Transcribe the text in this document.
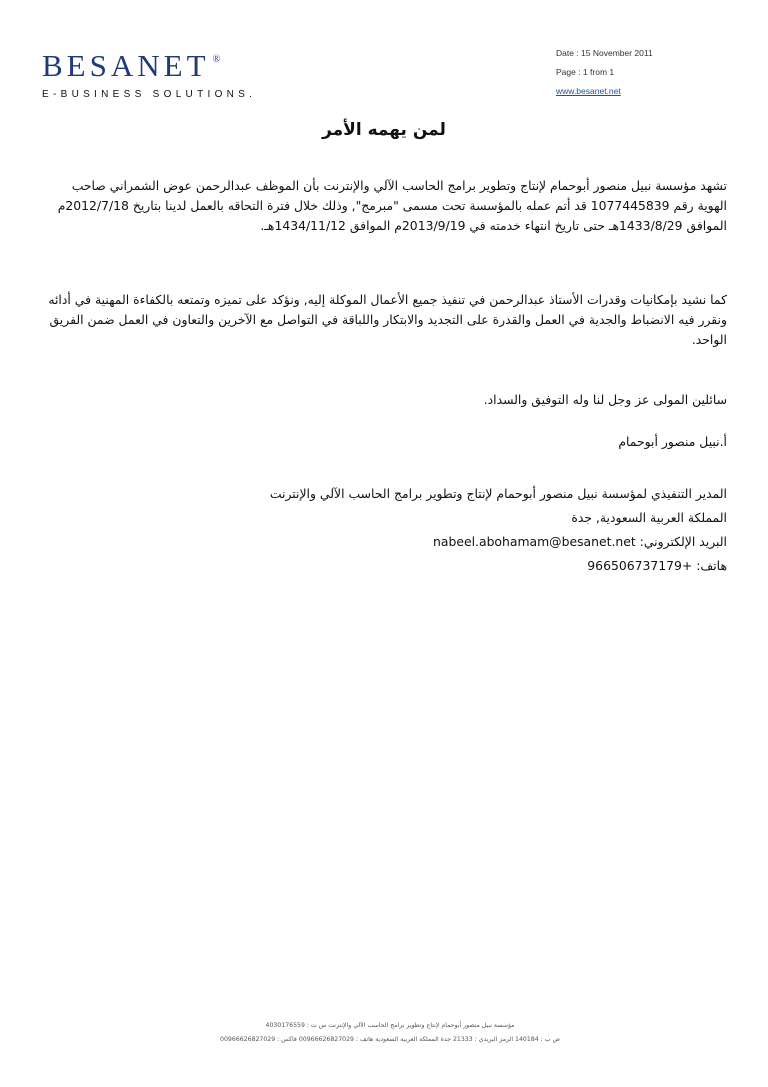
BESANET ®
E-BUSINESS SOLUTIONS.
Date : 15 November 2011
Page : 1 from 1
www.besanet.net
لمن يهمه الأمر
تشهد مؤسسة نبيل منصور أبوحمام لإنتاج وتطوير برامج الحاسب الآلي والإنترنت بأن الموظف عبدالرحمن عوض الشمراني صاحب الهوية رقم 1077445839 قد أتم عمله بالمؤسسة تحت مسمى "مبرمج", وذلك خلال فترة التحاقه بالعمل لدينا بتاريخ 2012/7/18م الموافق 1433/8/29هـ حتى تاريخ انتهاء خدمته في 2013/9/19م الموافق 1434/11/12هـ.
كما نشيد بإمكانيات وقدرات الأستاذ عبدالرحمن في تنفيذ جميع الأعمال الموكلة إليه, ونؤكد على تميزه وتمتعه بالكفاءة المهنية في أدائه ونقرر فيه الانضباط والجدية في العمل والقدرة على التجديد والابتكار واللباقة في التواصل مع الآخرين والتعاون في العمل ضمن الفريق الواحد.
سائلين المولى عز وجل لنا وله التوفيق والسداد.
أ.نبيل منصور أبوحمام
المدير التنفيذي لمؤسسة نبيل منصور أبوحمام لإنتاج وتطوير برامج الحاسب الآلي والإنترنت
المملكة العربية السعودية, جدة
البريد الإلكتروني: nabeel.abohamam@besanet.net
هاتف: +966506737179
مؤسسة نبيل منصور أبوحمام لإنتاج وتطوير برامج الحاسب الآلي والإنترنت س ت : 4030176559
ص ب : 140184 الرمز البريدي : 21333 جدة المملكة العربية السعودية هاتف : 00966626827029 فاكس : 00966626827029
